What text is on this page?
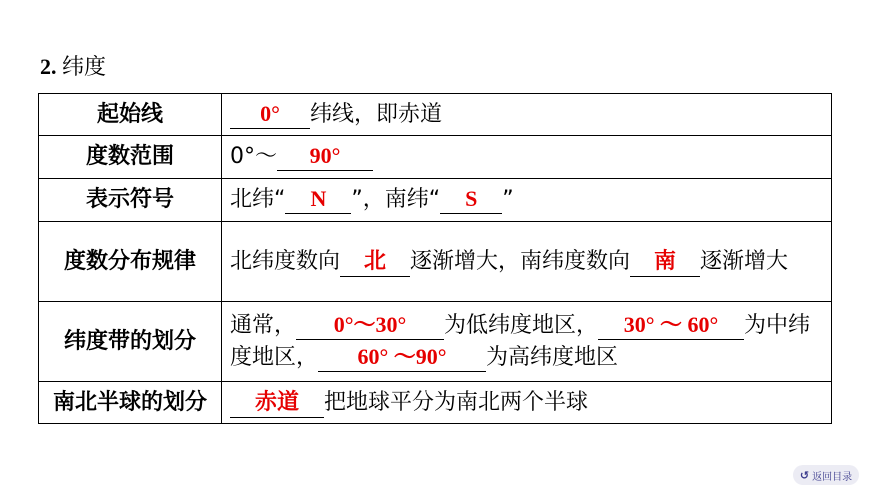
2. 纬度
起始线	0° 纬线，即赤道
度数范围	0°～ 90°
表示符号	北纬“ N ”，南纬“ S ”
度数分布规律	北纬度数向 北 逐渐增大，南纬度数向 南 逐渐增大
纬度带的划分	通常， 0°～30° 为低纬度地区， 30° ～ 60° 为中纬度地区， 60° ～90° 为高纬度地区
南北半球的划分	赤道 把地球平分为南北两个半球
↺ 返回目录
